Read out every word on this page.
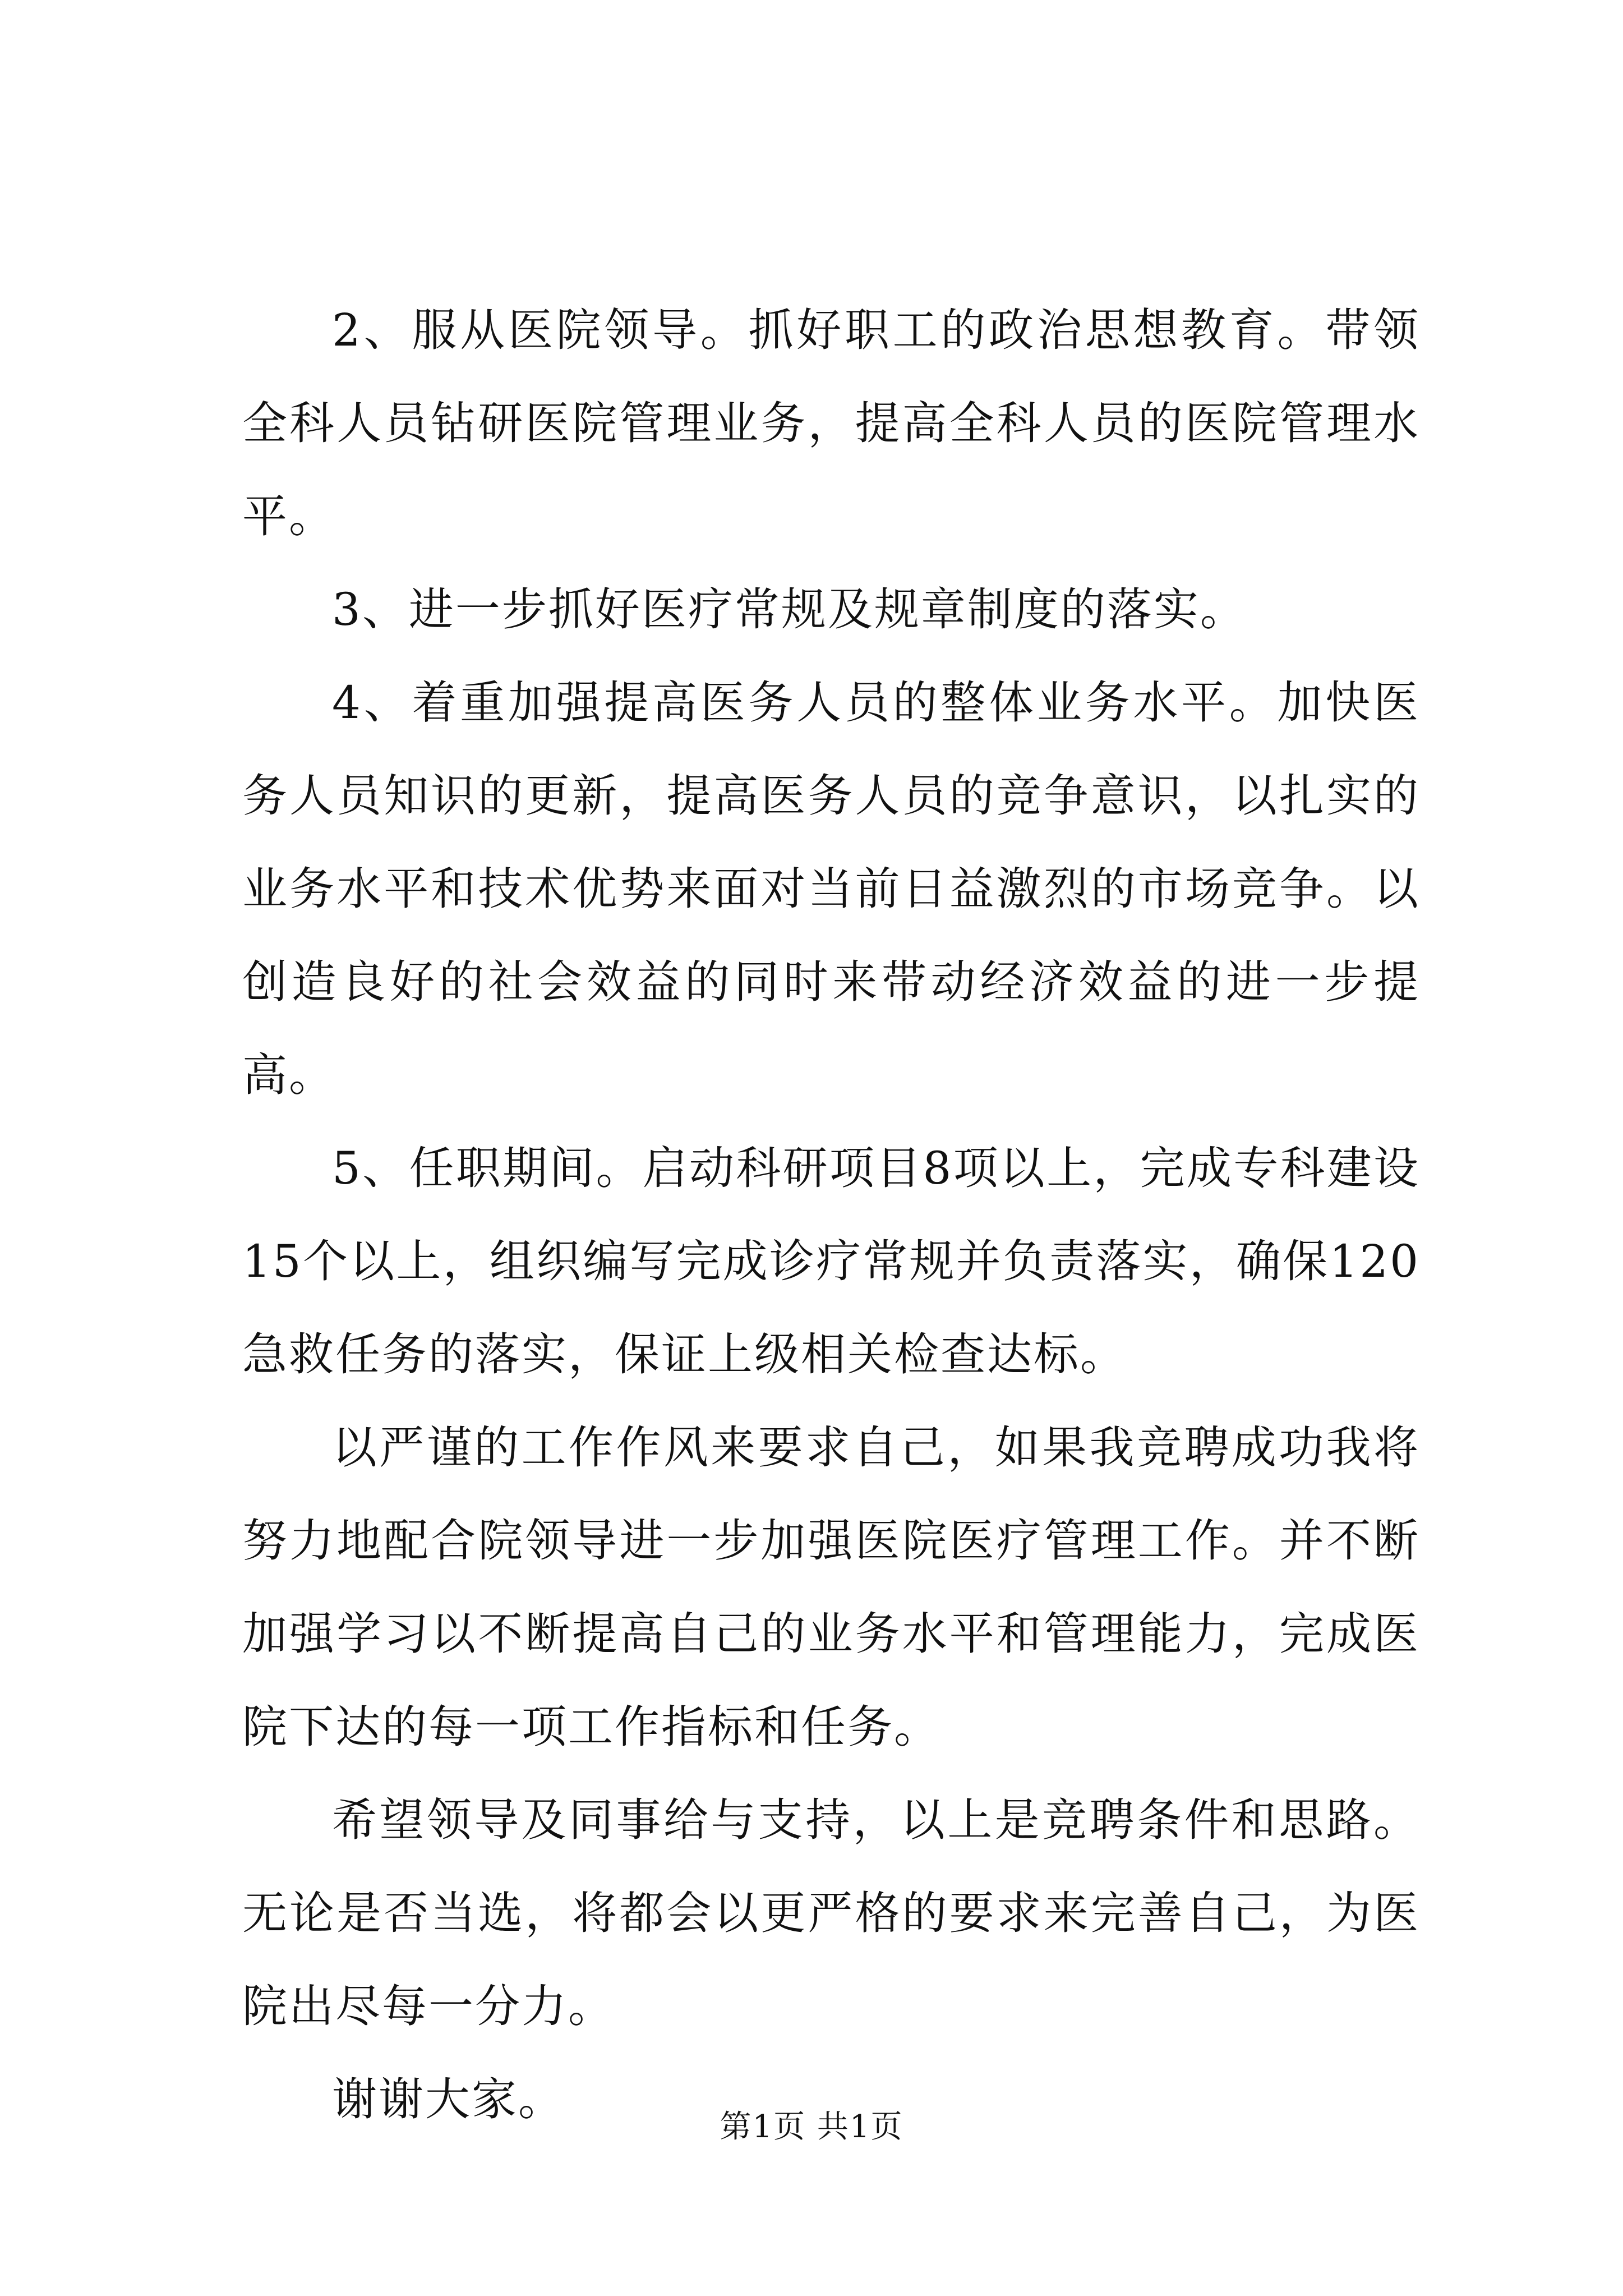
2、服从医院领导。抓好职工的政治思想教育。带领全科人员钻研医院管理业务，提高全科人员的医院管理水平。

3、进一步抓好医疗常规及规章制度的落实。

4、着重加强提高医务人员的整体业务水平。加快医务人员知识的更新，提高医务人员的竞争意识，以扎实的业务水平和技术优势来面对当前日益激烈的市场竞争。以创造良好的社会效益的同时来带动经济效益的进一步提高。

5、任职期间。启动科研项目8项以上，完成专科建设15个以上，组织编写完成诊疗常规并负责落实，确保120急救任务的落实，保证上级相关检查达标。

以严谨的工作作风来要求自己，如果我竞聘成功我将努力地配合院领导进一步加强医院医疗管理工作。并不断加强学习以不断提高自己的业务水平和管理能力，完成医院下达的每一项工作指标和任务。

希望领导及同事给与支持，以上是竞聘条件和思路。无论是否当选，将都会以更严格的要求来完善自己，为医院出尽每一分力。

谢谢大家。

第1页 共1页
